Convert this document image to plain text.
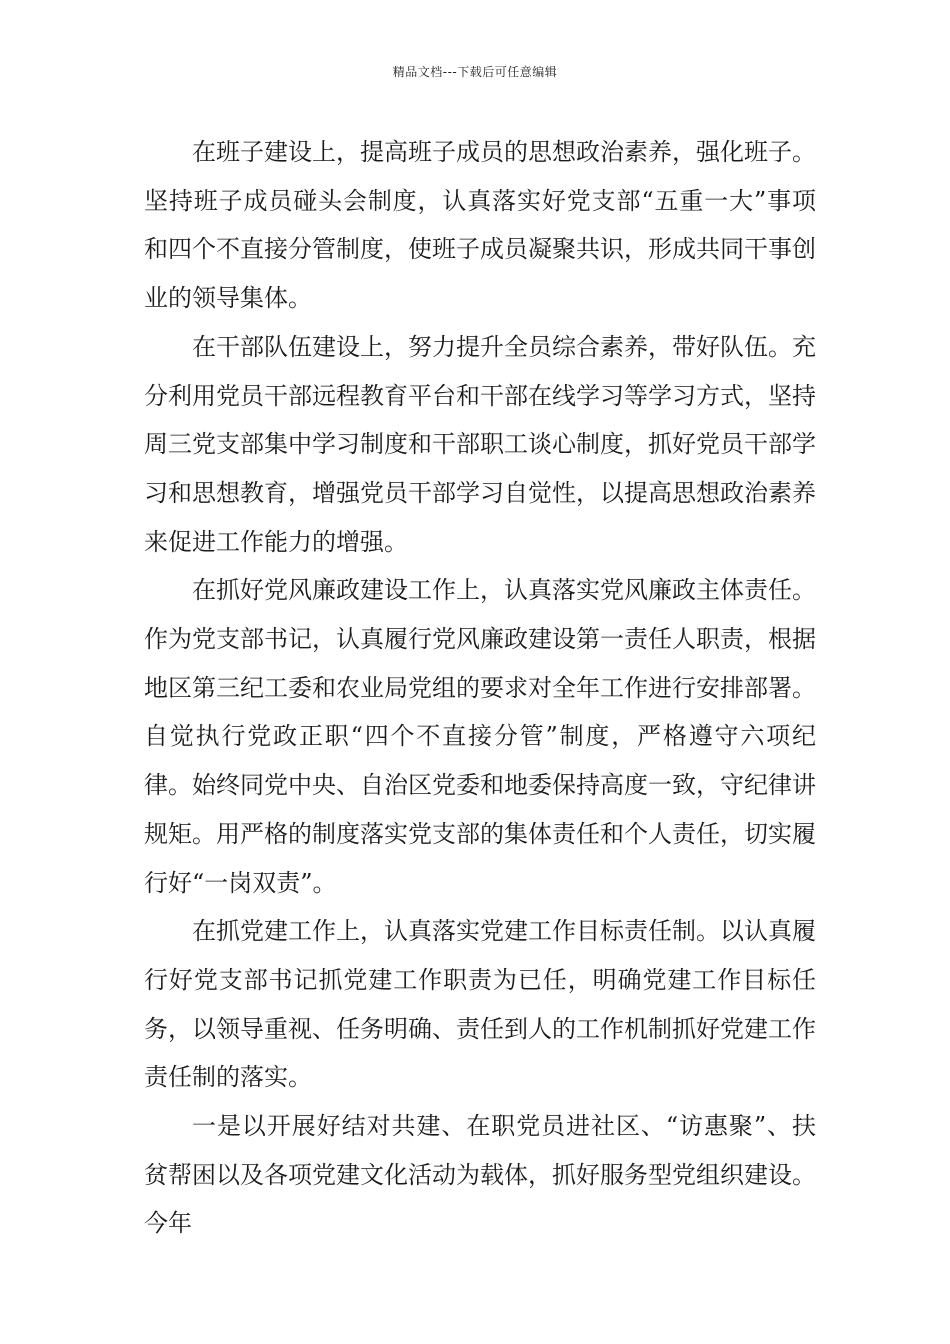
精品文档---下载后可任意编辑

在班子建设上，提高班子成员的思想政治素养，强化班子。坚持班子成员碰头会制度，认真落实好党支部“五重一大”事项和四个不直接分管制度，使班子成员凝聚共识，形成共同干事创业的领导集体。

在干部队伍建设上，努力提升全员综合素养，带好队伍。充分利用党员干部远程教育平台和干部在线学习等学习方式，坚持周三党支部集中学习制度和干部职工谈心制度，抓好党员干部学习和思想教育，增强党员干部学习自觉性，以提高思想政治素养来促进工作能力的增强。

在抓好党风廉政建设工作上，认真落实党风廉政主体责任。作为党支部书记，认真履行党风廉政建设第一责任人职责，根据地区第三纪工委和农业局党组的要求对全年工作进行安排部署。自觉执行党政正职“四个不直接分管”制度，严格遵守六项纪律。始终同党中央、自治区党委和地委保持高度一致，守纪律讲规矩。用严格的制度落实党支部的集体责任和个人责任，切实履行好“一岗双责”。

在抓党建工作上，认真落实党建工作目标责任制。以认真履行好党支部书记抓党建工作职责为已任，明确党建工作目标任务，以领导重视、任务明确、责任到人的工作机制抓好党建工作责任制的落实。

一是以开展好结对共建、在职党员进社区、“访惠聚”、扶贫帮困以及各项党建文化活动为载体，抓好服务型党组织建设。今年
